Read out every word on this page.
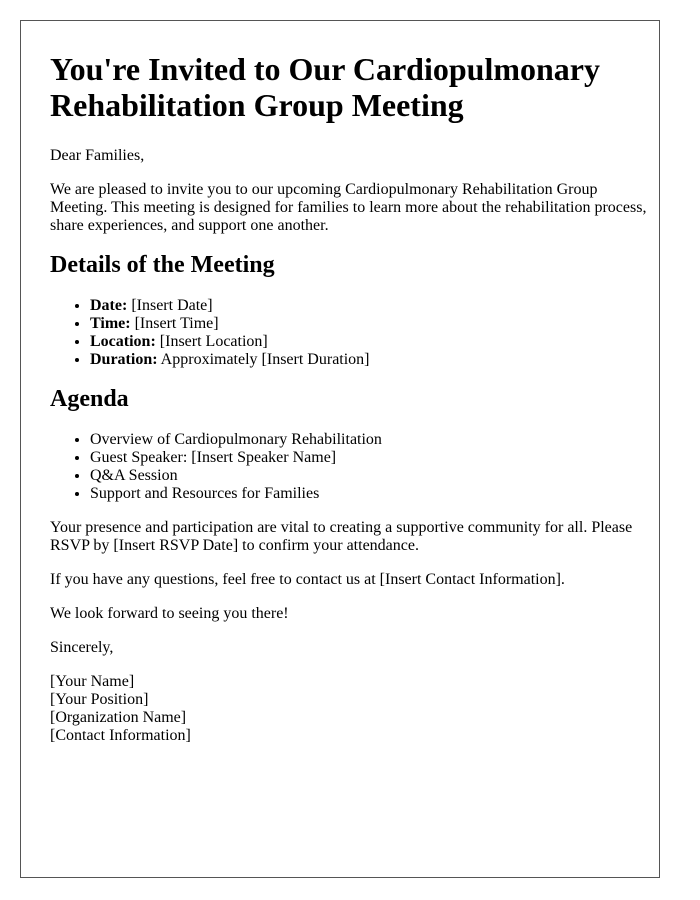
You're Invited to Our Cardiopulmonary Rehabilitation Group Meeting

Dear Families,

We are pleased to invite you to our upcoming Cardiopulmonary Rehabilitation Group Meeting. This meeting is designed for families to learn more about the rehabilitation process, share experiences, and support one another.

Details of the Meeting
• Date: [Insert Date]
• Time: [Insert Time]
• Location: [Insert Location]
• Duration: Approximately [Insert Duration]
Agenda
• Overview of Cardiopulmonary Rehabilitation
• Guest Speaker: [Insert Speaker Name]
• Q&A Session
• Support and Resources for Families

Your presence and participation are vital to creating a supportive community for all. Please RSVP by [Insert RSVP Date] to confirm your attendance.

If you have any questions, feel free to contact us at [Insert Contact Information].

We look forward to seeing you there!

Sincerely,

[Your Name]
[Your Position]
[Organization Name]
[Contact Information]
